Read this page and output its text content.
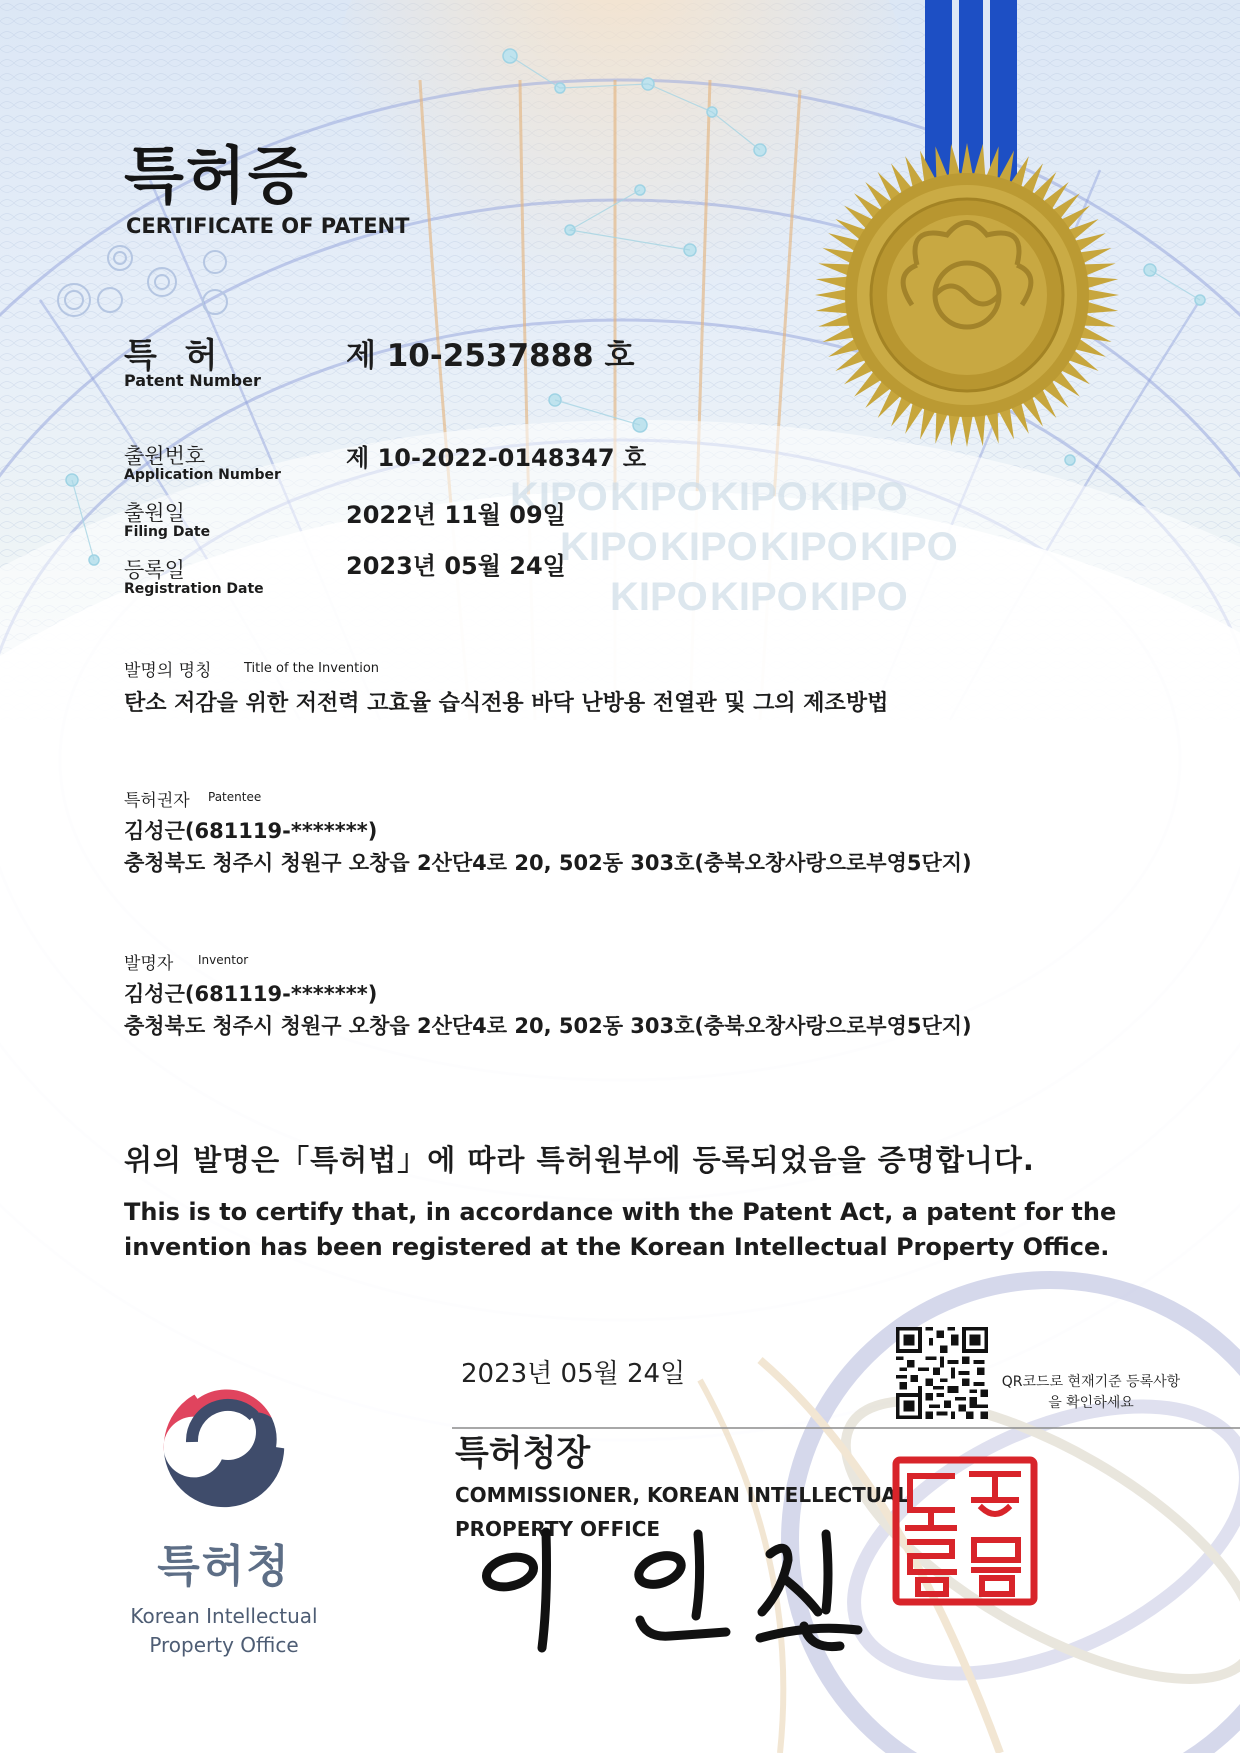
KIPO KIPO KIPO KIPO
KIPO KIPO KIPO KIPO
KIPO KIPO KIPO
특허증
CERTIFICATE OF PATENT
특 허
Patent Number
제 10-2537888 호
출원번호
Application Number
제 10-2022-0148347 호
출원일
Filing Date
2022년 11월 09일
등록일
Registration Date
2023년 05월 24일
발명의 명칭 Title of the Invention
탄소 저감을 위한 저전력 고효율 습식전용 바닥 난방용 전열관 및 그의 제조방법
특허권자 Patentee
김성근(681119-*******)
충청북도 청주시 청원구 오창읍 2산단4로 20, 502동 303호(충북오창사랑으로부영5단지)
발명자 Inventor
김성근(681119-*******)
충청북도 청주시 청원구 오창읍 2산단4로 20, 502동 303호(충북오창사랑으로부영5단지)
위의 발명은「특허법」에 따라 특허원부에 등록되었음을 증명합니다.
This is to certify that, in accordance with the Patent Act, a patent for the invention has been registered at the Korean Intellectual Property Office.
2023년 05월 24일
특허청장
COMMISSIONER, KOREAN INTELLECTUAL PROPERTY OFFICE
QR코드로 현재기준 등록사항을 확인하세요
특허청
Korean Intellectual Property Office
